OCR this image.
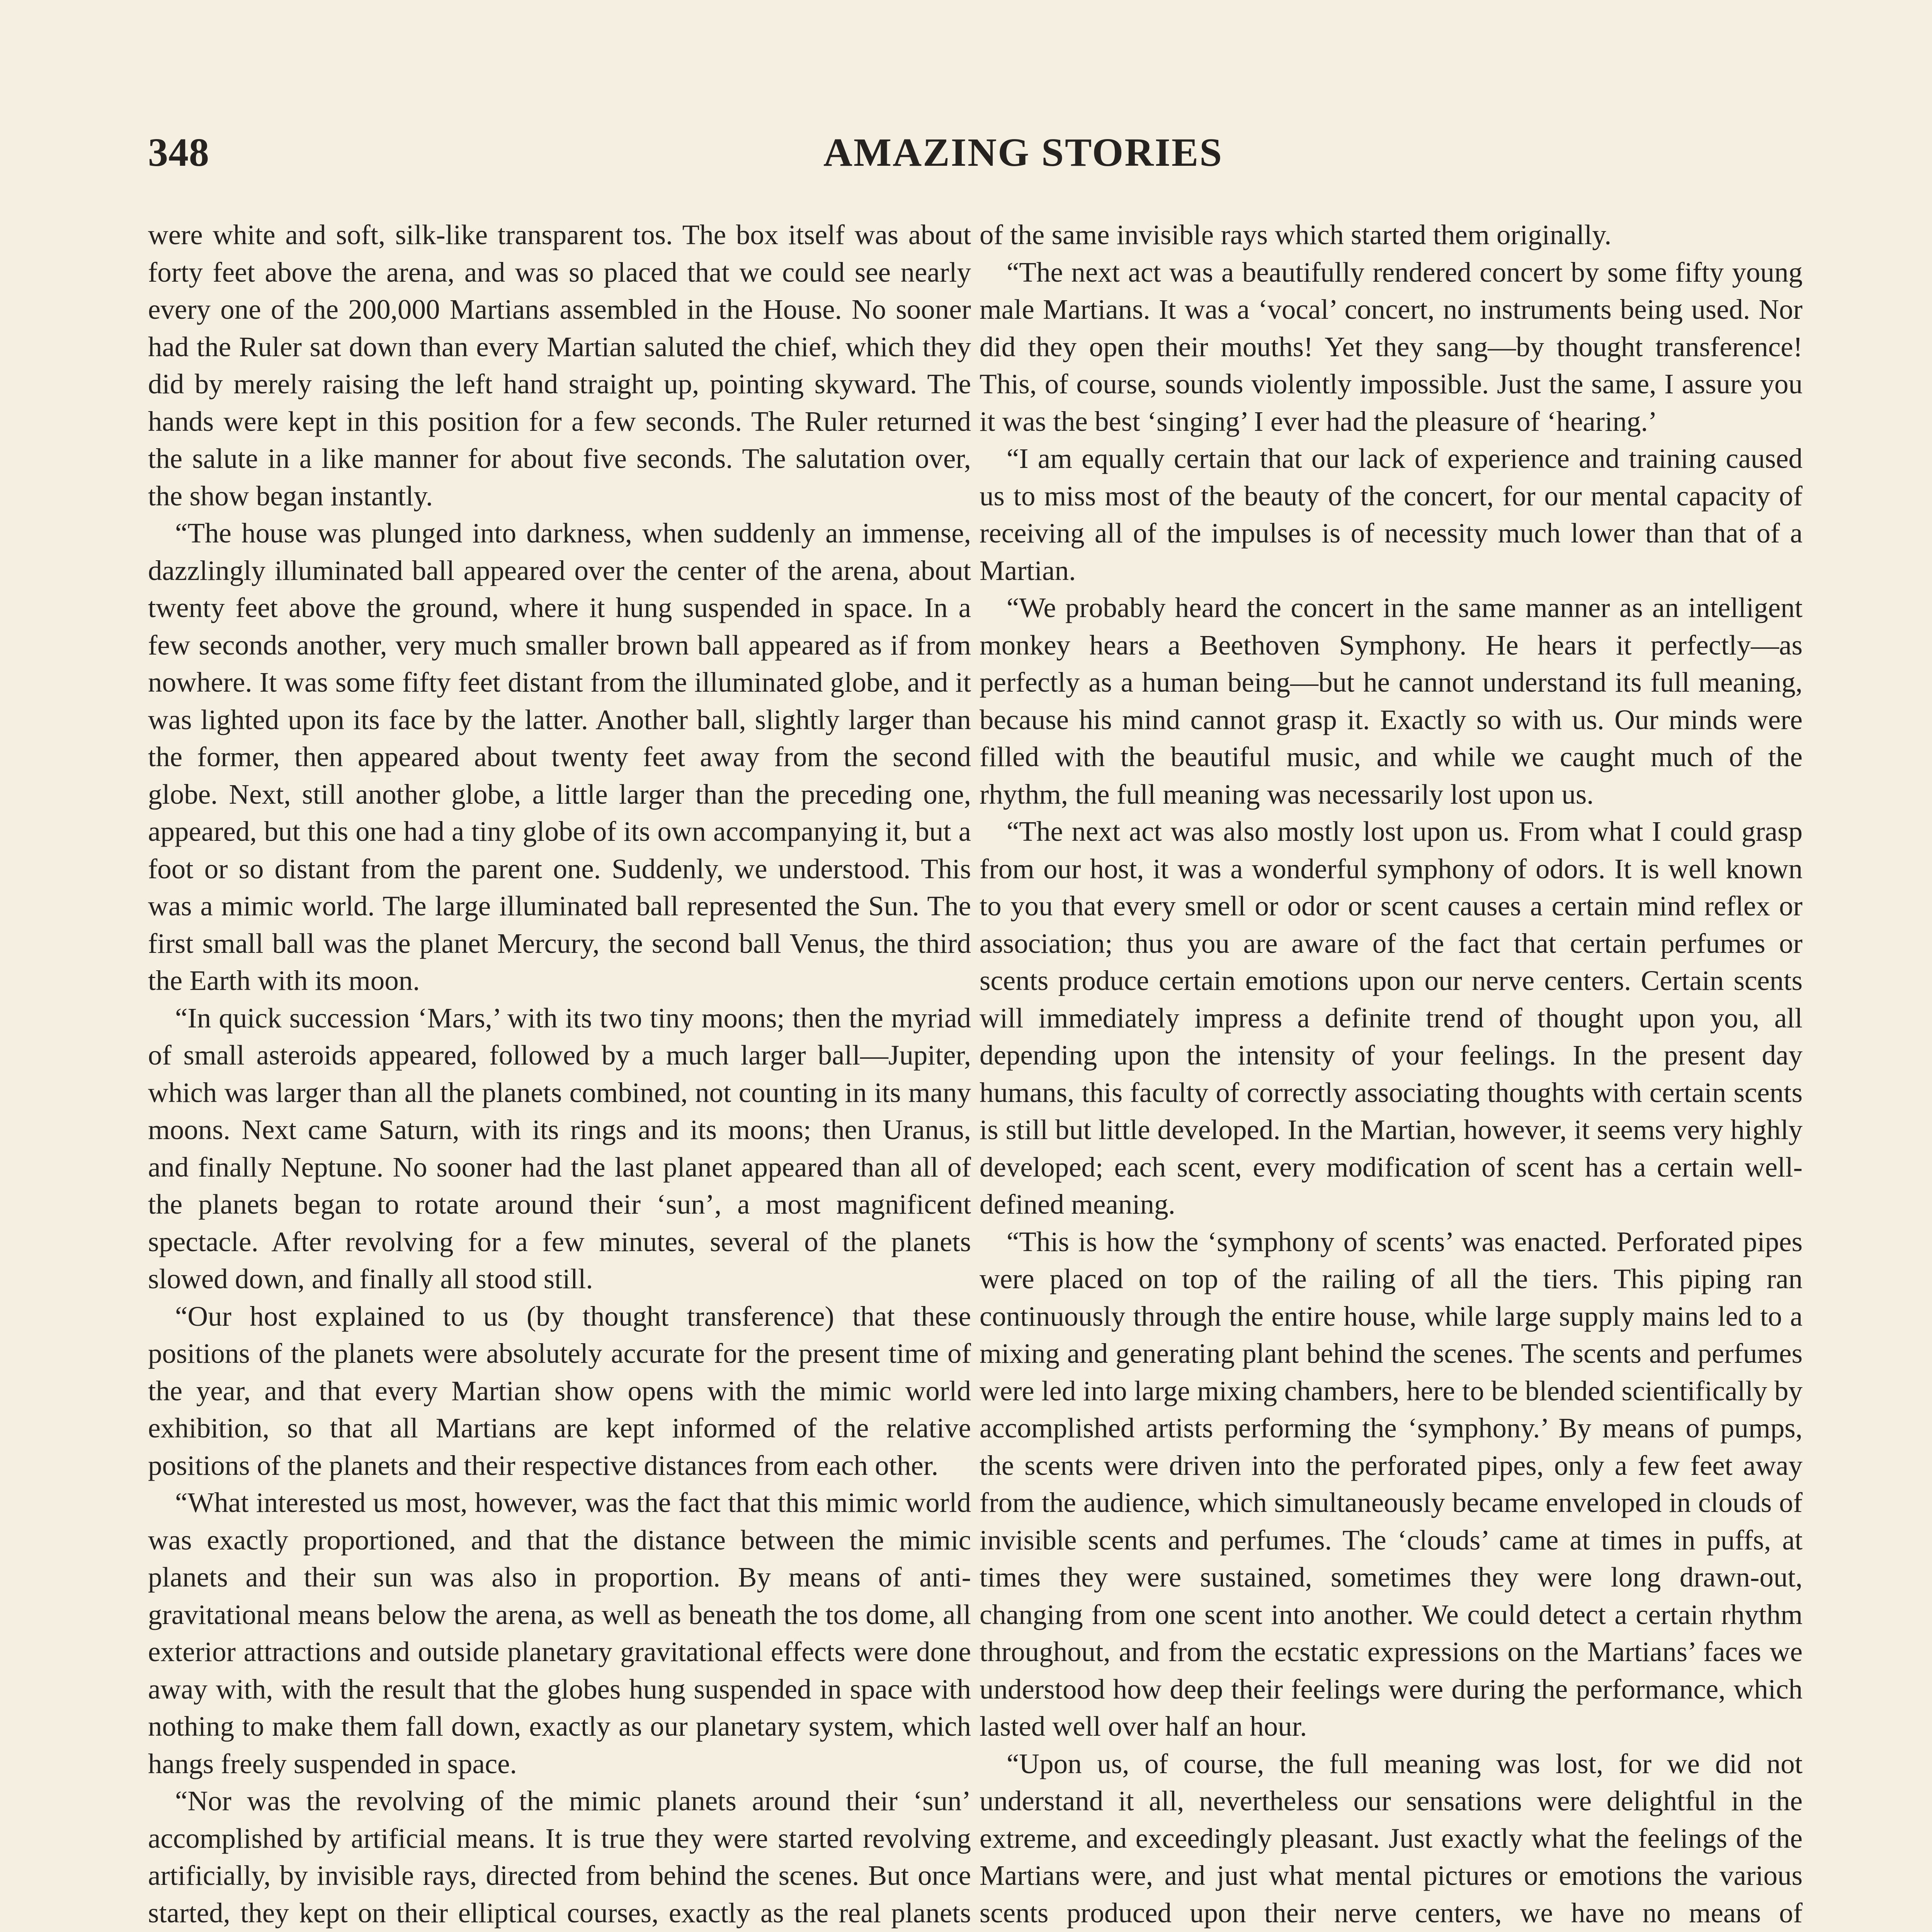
348	AMAZING STORIES

were white and soft, silk-like transparent tos. The box itself was about forty feet above the arena, and was so placed that we could see nearly every one of the 200,000 Martians assembled in the House. No sooner had the Ruler sat down than every Martian saluted the chief, which they did by merely raising the left hand straight up, pointing skyward. The hands were kept in this position for a few seconds. The Ruler returned the salute in a like manner for about five seconds. The salutation over, the show began instantly.

“The house was plunged into darkness, when suddenly an immense, dazzlingly illuminated ball appeared over the center of the arena, about twenty feet above the ground, where it hung suspended in space. In a few seconds another, very much smaller brown ball appeared as if from nowhere. It was some fifty feet distant from the illuminated globe, and it was lighted upon its face by the latter. Another ball, slightly larger than the former, then appeared about twenty feet away from the second globe. Next, still another globe, a little larger than the preceding one, appeared, but this one had a tiny globe of its own accompanying it, but a foot or so distant from the parent one. Suddenly, we understood. This was a mimic world. The large illuminated ball represented the Sun. The first small ball was the planet Mercury, the second ball Venus, the third the Earth with its moon.

“In quick succession ‘Mars,’ with its two tiny moons; then the myriad of small asteroids appeared, followed by a much larger ball—Jupiter, which was larger than all the planets combined, not counting in its many moons. Next came Saturn, with its rings and its moons; then Uranus, and finally Neptune. No sooner had the last planet appeared than all of the planets began to rotate around their ‘sun’, a most magnificent spectacle. After revolving for a few minutes, several of the planets slowed down, and finally all stood still.

“Our host explained to us (by thought transference) that these positions of the planets were absolutely accurate for the present time of the year, and that every Martian show opens with the mimic world exhibition, so that all Martians are kept informed of the relative positions of the planets and their respective distances from each other.

“What interested us most, however, was the fact that this mimic world was exactly proportioned, and that the distance between the mimic planets and their sun was also in proportion. By means of anti-gravitational means below the arena, as well as beneath the tos dome, all exterior attractions and outside planetary gravitational effects were done away with, with the result that the globes hung suspended in space with nothing to make them fall down, exactly as our planetary system, which hangs freely suspended in space.

“Nor was the revolving of the mimic planets around their ‘sun’ accomplished by artificial means. It is true they were started revolving artificially, by invisible rays, directed from behind the scenes. But once started, they kept on their elliptical courses, exactly as the real planets

of the same invisible rays which started them originally.

“The next act was a beautifully rendered concert by some fifty young male Martians. It was a ‘vocal’ concert, no instruments being used. Nor did they open their mouths! Yet they sang—by thought transference! This, of course, sounds violently impossible. Just the same, I assure you it was the best ‘singing’ I ever had the pleasure of ‘hearing.’

“I am equally certain that our lack of experience and training caused us to miss most of the beauty of the concert, for our mental capacity of receiving all of the impulses is of necessity much lower than that of a Martian.

“We probably heard the concert in the same manner as an intelligent monkey hears a Beethoven Symphony. He hears it perfectly—as perfectly as a human being—but he cannot understand its full meaning, because his mind cannot grasp it. Exactly so with us. Our minds were filled with the beautiful music, and while we caught much of the rhythm, the full meaning was necessarily lost upon us.

“The next act was also mostly lost upon us. From what I could grasp from our host, it was a wonderful symphony of odors. It is well known to you that every smell or odor or scent causes a certain mind reflex or association; thus you are aware of the fact that certain perfumes or scents produce certain emotions upon our nerve centers. Certain scents will immediately impress a definite trend of thought upon you, all depending upon the intensity of your feelings. In the present day humans, this faculty of correctly associating thoughts with certain scents is still but little developed. In the Martian, however, it seems very highly developed; each scent, every modification of scent has a certain well-defined meaning.

“This is how the ‘symphony of scents’ was enacted. Perforated pipes were placed on top of the railing of all the tiers. This piping ran continuously through the entire house, while large supply mains led to a mixing and generating plant behind the scenes. The scents and perfumes were led into large mixing chambers, here to be blended scientifically by accomplished artists performing the ‘symphony.’ By means of pumps, the scents were driven into the perforated pipes, only a few feet away from the audience, which simultaneously became enveloped in clouds of invisible scents and perfumes. The ‘clouds’ came at times in puffs, at times they were sustained, sometimes they were long drawn-out, changing from one scent into another. We could detect a certain rhythm throughout, and from the ecstatic expressions on the Martians’ faces we understood how deep their feelings were during the performance, which lasted well over half an hour.

“Upon us, of course, the full meaning was lost, for we did not understand it all, nevertheless our sensations were delightful in the extreme, and exceedingly pleasant. Just exactly what the feelings of the Martians were, and just what mental pictures or emotions the various scents produced upon their nerve centers, we have no means of
